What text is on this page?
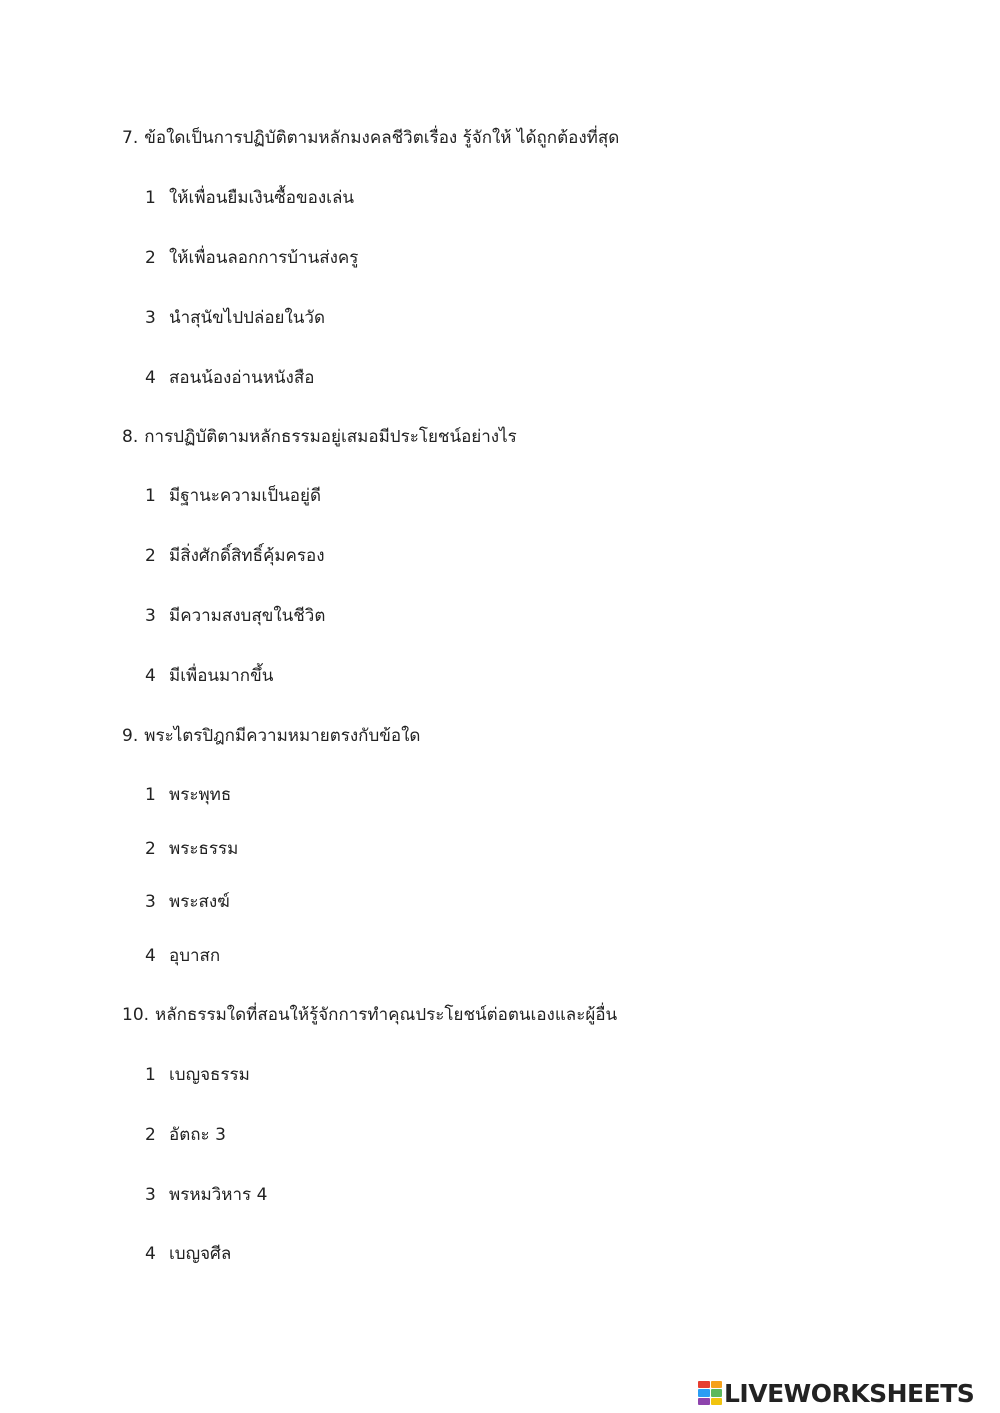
7. ข้อใดเป็นการปฏิบัติตามหลักมงคลชีวิตเรื่อง รู้จักให้ ได้ถูกต้องที่สุด
1 ให้เพื่อนยืมเงินซื้อของเล่น
2 ให้เพื่อนลอกการบ้านส่งครู
3 นำสุนัขไปปล่อยในวัด
4 สอนน้องอ่านหนังสือ
8. การปฏิบัติตามหลักธรรมอยู่เสมอมีประโยชน์อย่างไร
1 มีฐานะความเป็นอยู่ดี
2 มีสิ่งศักดิ์สิทธิ์คุ้มครอง
3 มีความสงบสุขในชีวิต
4 มีเพื่อนมากขึ้น
9. พระไตรปิฎกมีความหมายตรงกับข้อใด
1 พระพุทธ
2 พระธรรม
3 พระสงฆ์
4 อุบาสก
10. หลักธรรมใดที่สอนให้รู้จักการทำคุณประโยชน์ต่อตนเองและผู้อื่น
1 เบญจธรรม
2 อัตถะ 3
3 พรหมวิหาร 4
4 เบญจศีล
LIVEWORKSHEETS
